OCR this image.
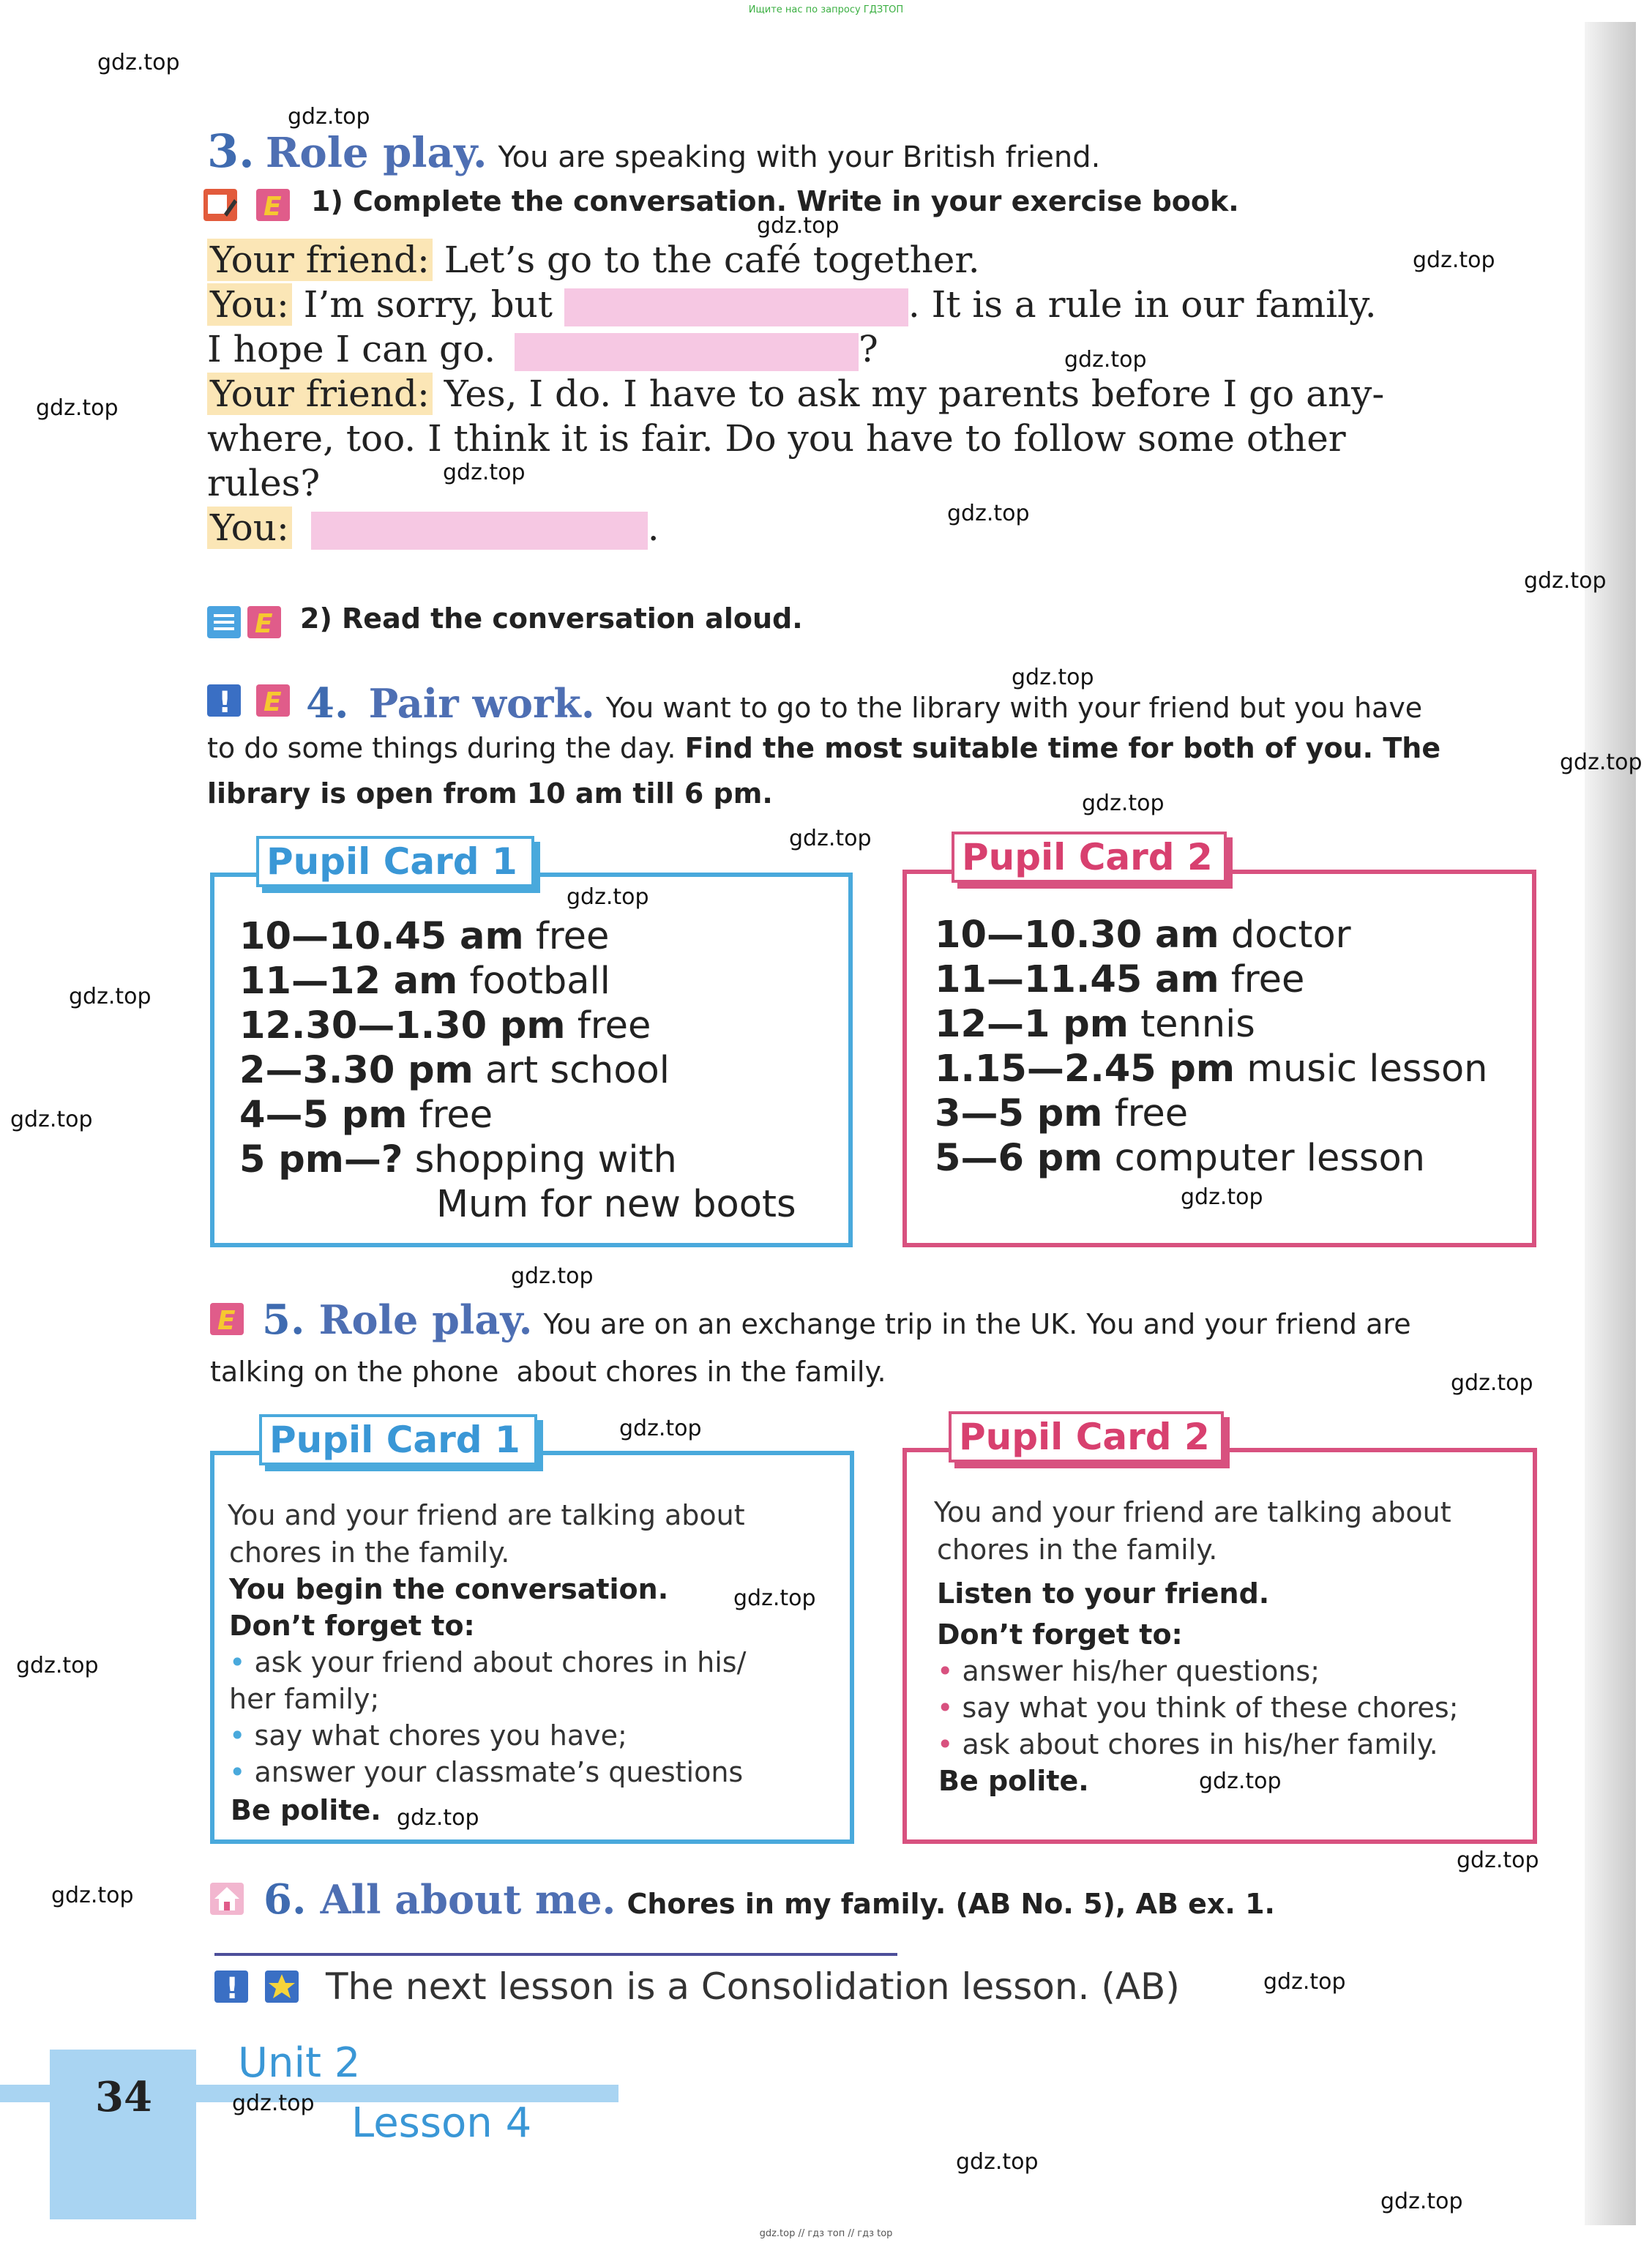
Ищите нас по запросу ГДЗТОП
3. Role play. You are speaking with your British friend.
E 1) Complete the conversation. Write in your exercise book.
Your friend: Let’s go to the café together.
You: I’m sorry, but	. It is a rule in our family.
I hope I can go.	?
Your friend: Yes, I do. I have to ask my parents before I go any-
where, too. I think it is fair. Do you have to follow some other
rules?
You:	.
E 2) Read the conversation aloud.
! E 4. Pair work. You want to go to the library with your friend but you have
to do some things during the day. Find the most suitable time for both of you. The
library is open from 10 am till 6 pm.
Pupil Card 1
10—10.45 am free
11—12 am football
12.30—1.30 pm free
2—3.30 pm art school
4—5 pm free
5 pm—? shopping with
Mum for new boots
Pupil Card 2
10—10.30 am doctor
11—11.45 am free
12—1 pm tennis
1.15—2.45 pm music lesson
3—5 pm free
5—6 pm computer lesson
E 5. Role play. You are on an exchange trip in the UK. You and your friend are
talking on the phone  about chores in the family.
Pupil Card 1
You and your friend are talking about
chores in the family.
You begin the conversation.
Don’t forget to:
• ask your friend about chores in his/
her family;
• say what chores you have;
• answer your classmate’s questions
Be polite.
Pupil Card 2
You and your friend are talking about
chores in the family.
Listen to your friend.
Don’t forget to:
• answer his/her questions;
• say what you think of these chores;
• ask about chores in his/her family.
Be polite.
6. All about me. Chores in my family. (AB No. 5), AB ex. 1.
! The next lesson is a Consolidation lesson. (AB)
34
Unit 2
Lesson 4
gdz.top // гдз топ // гдз top
gdz.top
gdz.top
gdz.top
gdz.top
gdz.top
gdz.top
gdz.top
gdz.top
gdz.top
gdz.top
gdz.top
gdz.top
gdz.top
gdz.top
gdz.top
gdz.top
gdz.top
gdz.top
gdz.top
gdz.top
gdz.top
gdz.top
gdz.top
gdz.top
gdz.top
gdz.top
gdz.top
gdz.top
gdz.top
gdz.top
